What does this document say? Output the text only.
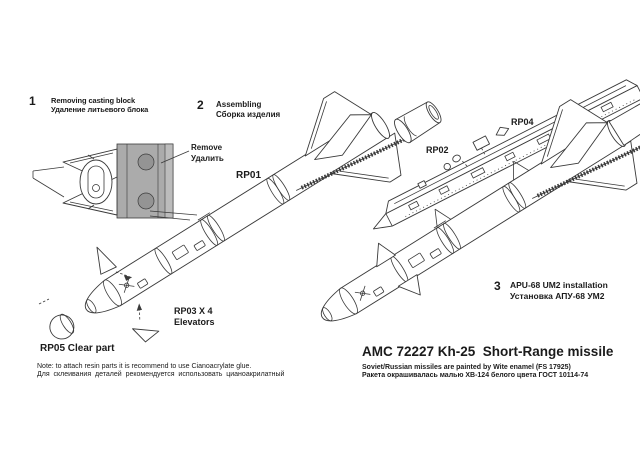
1 Removing casting block
Удаление литьевого блока	2 Assembling
Сборка изделия
Remove
Удалить
RP01
RP02
RP04
RP03 X 4
Elevators
RP05 Clear part
3 APU-68 UM2 installation
Установка АПУ-68 УМ2
Note: to attach resin parts it is recommend to use Cianoacrylate glue.
Для  склеивания  деталей  рекомендуется  использовать  цианоакрилатный
AMC 72227 Kh-25  Short-Range missile
Soviet/Russian missiles are painted by Wite enamel (FS 17925)
Ракета окрашивалась малью ХВ-124 белого цвета ГОСТ 10114-74
